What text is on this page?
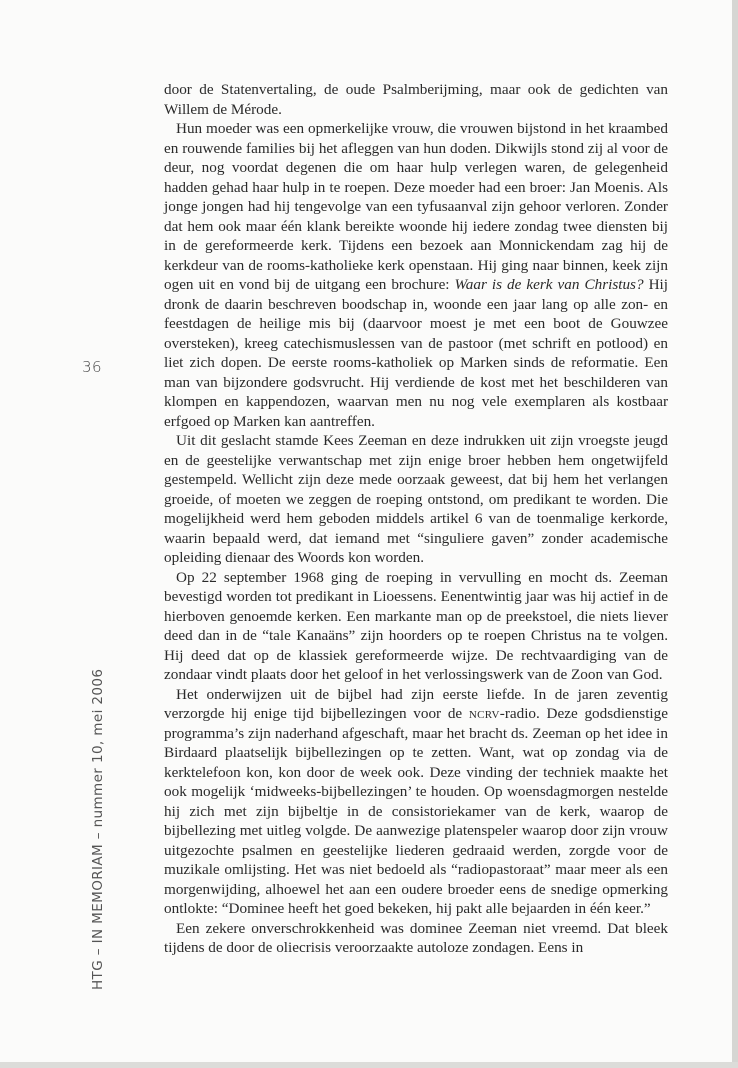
36
HTG – IN MEMORIAM – nummer 10, mei 2006

door de Statenvertaling, de oude Psalmberijming, maar ook de gedichten van Willem de Mérode.

Hun moeder was een opmerkelijke vrouw, die vrouwen bijstond in het kraambed en rouwende families bij het afleggen van hun doden. Dikwijls stond zij al voor de deur, nog voordat degenen die om haar hulp verlegen waren, de gelegenheid hadden gehad haar hulp in te roepen. Deze moeder had een broer: Jan Moenis. Als jonge jongen had hij tengevolge van een tyfusaanval zijn gehoor verloren. Zonder dat hem ook maar één klank bereikte woonde hij iedere zondag twee diensten bij in de gereformeerde kerk. Tijdens een bezoek aan Monnickendam zag hij de kerkdeur van de rooms-katholieke kerk openstaan. Hij ging naar binnen, keek zijn ogen uit en vond bij de uitgang een brochure: Waar is de kerk van Christus? Hij dronk de daarin beschreven boodschap in, woonde een jaar lang op alle zon- en feestdagen de heilige mis bij (daarvoor moest je met een boot de Gouwzee oversteken), kreeg catechismuslessen van de pastoor (met schrift en potlood) en liet zich dopen. De eerste rooms-katholiek op Marken sinds de reformatie. Een man van bijzondere godsvrucht. Hij verdiende de kost met het beschilderen van klompen en kappendozen, waarvan men nu nog vele exemplaren als kostbaar erfgoed op Marken kan aantreffen.

Uit dit geslacht stamde Kees Zeeman en deze indrukken uit zijn vroegste jeugd en de geestelijke verwantschap met zijn enige broer hebben hem ongetwijfeld gestempeld. Wellicht zijn deze mede oorzaak geweest, dat bij hem het verlangen groeide, of moeten we zeggen de roeping ontstond, om predikant te worden. Die mogelijkheid werd hem geboden middels artikel 6 van de toenmalige kerkorde, waarin bepaald werd, dat iemand met “singuliere gaven” zonder academische opleiding dienaar des Woords kon worden.

Op 22 september 1968 ging de roeping in vervulling en mocht ds. Zeeman bevestigd worden tot predikant in Lioessens. Eenentwintig jaar was hij actief in de hierboven genoemde kerken. Een markante man op de preekstoel, die niets liever deed dan in de “tale Kanaäns” zijn hoorders op te roepen Christus na te volgen. Hij deed dat op de klassiek gereformeerde wijze. De rechtvaardiging van de zondaar vindt plaats door het geloof in het verlossingswerk van de Zoon van God.

Het onderwijzen uit de bijbel had zijn eerste liefde. In de jaren zeventig verzorgde hij enige tijd bijbellezingen voor de ncrv-radio. Deze godsdienstige programma’s zijn naderhand afgeschaft, maar het bracht ds. Zeeman op het idee in Birdaard plaatselijk bijbellezingen op te zetten. Want, wat op zondag via de kerktelefoon kon, kon door de week ook. Deze vinding der techniek maakte het ook mogelijk ‘midweeks-bijbellezingen’ te houden. Op woensdagmorgen nestelde hij zich met zijn bijbeltje in de consistoriekamer van de kerk, waarop de bijbellezing met uitleg volgde. De aanwezige platenspeler waarop door zijn vrouw uitgezochte psalmen en geestelijke liederen gedraaid werden, zorgde voor de muzikale omlijsting. Het was niet bedoeld als “radiopastoraat” maar meer als een morgenwijding, alhoewel het aan een oudere broeder eens de snedige opmerking ontlokte: “Dominee heeft het goed bekeken, hij pakt alle bejaarden in één keer.”

Een zekere onverschrokkenheid was dominee Zeeman niet vreemd. Dat bleek tijdens de door de oliecrisis veroorzaakte autoloze zondagen. Eens in
